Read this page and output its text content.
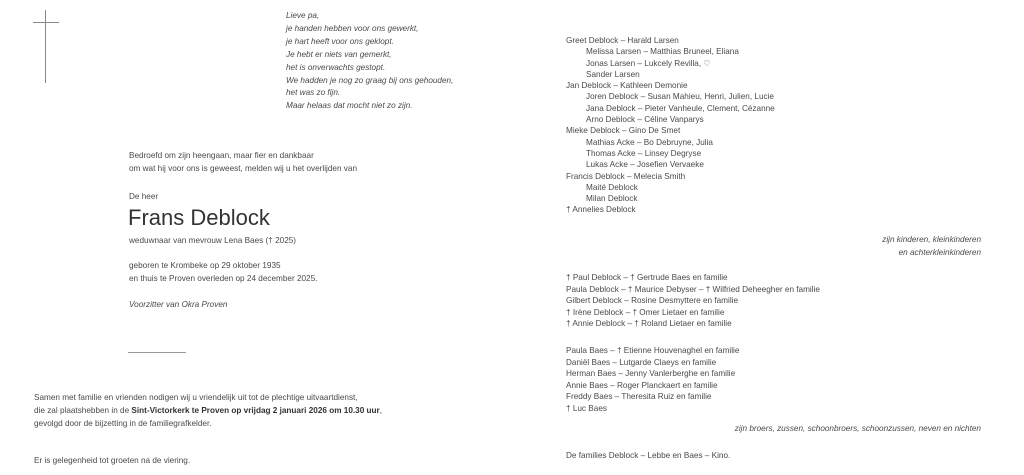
Lieve pa,
je handen hebben voor ons gewerkt,
je hart heeft voor ons geklopt.
Je hebt er niets van gemerkt,
het is onverwachts gestopt.
We hadden je nog zo graag bij ons gehouden,
het was zo fijn.
Maar helaas dat mocht niet zo zijn.
Bedroefd om zijn heengaan, maar fier en dankbaar
om wat hij voor ons is geweest, melden wij u het overlijden van
De heer
Frans Deblock
weduwnaar van mevrouw Lena Baes († 2025)
geboren te Krombeke op 29 oktober 1935
en thuis te Proven overleden op 24 december 2025.
Voorzitter van Okra Proven
Samen met familie en vrienden nodigen wij u vriendelijk uit tot de plechtige uitvaartdienst,
die zal plaatshebben in de Sint-Victorkerk te Proven op vrijdag 2 januari 2026 om 10.30 uur,
gevolgd door de bijzetting in de familiegrafkelder.
Er is gelegenheid tot groeten na de viering.
Greet Deblock – Harald Larsen
Melissa Larsen – Matthias Bruneel, Eliana
Jonas Larsen – Lukcely Revilla, ♡
Sander Larsen
Jan Deblock – Kathleen Demonie
Joren Deblock – Susan Mahieu, Henri, Julien, Lucie
Jana Deblock – Pieter Vanheule, Clement, Cézanne
Arno Deblock – Céline Vanparys
Mieke Deblock – Gino De Smet
Mathias Acke – Bo Debruyne, Julia
Thomas Acke – Linsey Degryse
Lukas Acke – Josefien Vervaeke
Francis Deblock – Melecia Smith
Maité Deblock
Milan Deblock
† Annelies Deblock
zijn kinderen, kleinkinderen
en achterkleinkinderen
† Paul Deblock – † Gertrude Baes en familie
Paula Deblock – † Maurice Debyser – † Wilfried Deheegher en familie
Gilbert Deblock – Rosine Desmyttere en familie
† Irène Deblock – † Omer Lietaer en familie
† Annie Deblock – † Roland Lietaer en familie
Paula Baes – † Etienne Houvenaghel en familie
Daniël Baes – Lutgarde Claeys en familie
Herman Baes – Jenny Vanlerberghe en familie
Annie Baes – Roger Planckaert en familie
Freddy Baes – Theresita Ruiz en familie
† Luc Baes
zijn broers, zussen, schoonbroers, schoonzussen, neven en nichten
De families Deblock – Lebbe en Baes – Kino.
